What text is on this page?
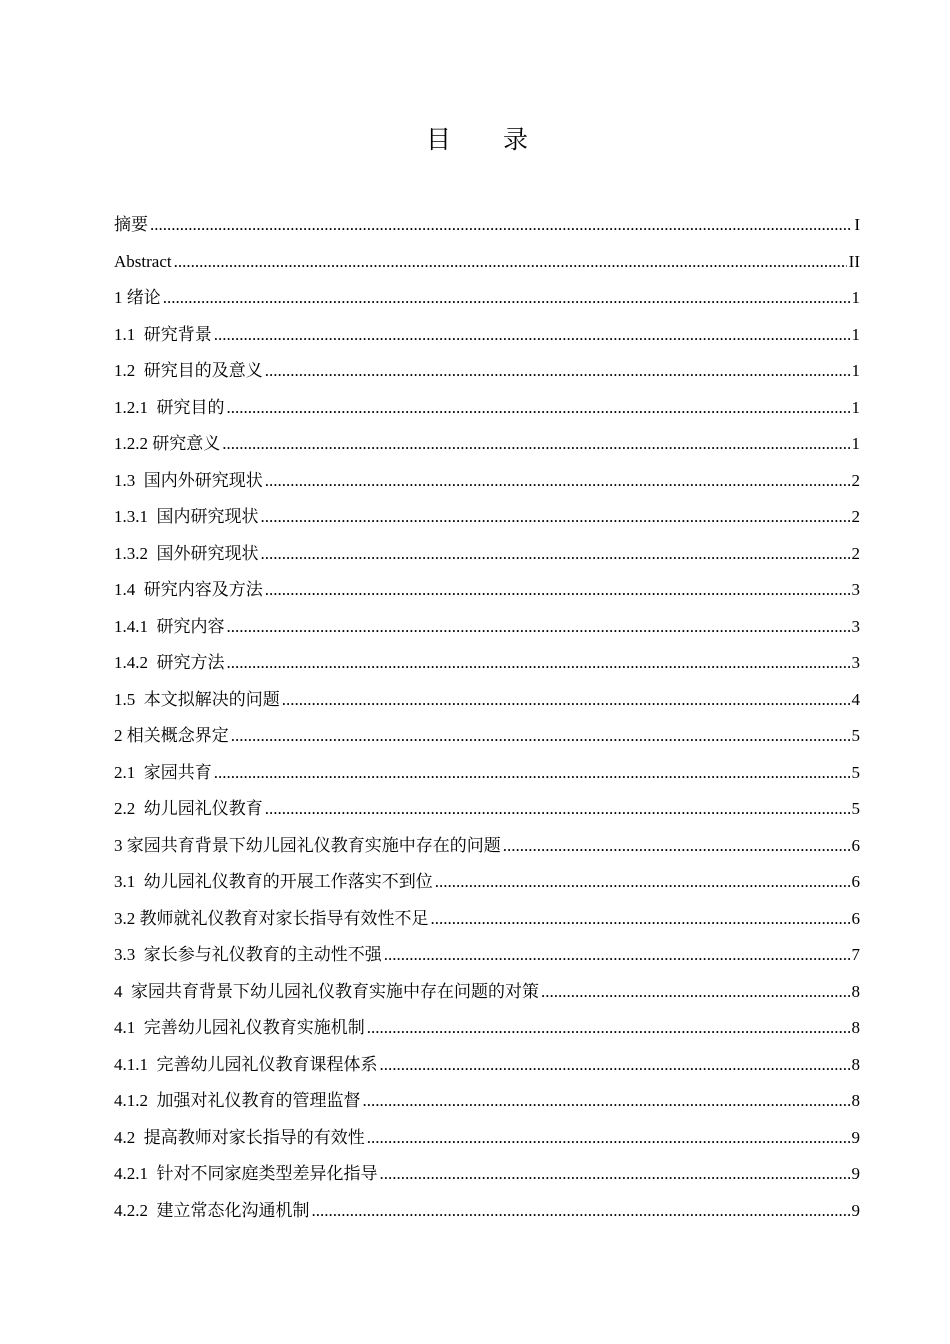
目 录
摘要 .....	I
Abstract .....	II
1 绪论 .....	1
1.1  研究背景 .....	1
1.2  研究目的及意义 .....	1
1.2.1  研究目的 .....	1
1.2.2 研究意义 .....	1
1.3  国内外研究现状 .....	2
1.3.1  国内研究现状 .....	2
1.3.2  国外研究现状 .....	2
1.4  研究内容及方法 .....	3
1.4.1  研究内容 .....	3
1.4.2  研究方法 .....	3
1.5  本文拟解决的问题 .....	4
2 相关概念界定 .....	5
2.1  家园共育 .....	5
2.2  幼儿园礼仪教育 .....	5
3 家园共育背景下幼儿园礼仪教育实施中存在的问题 .....	6
3.1  幼儿园礼仪教育的开展工作落实不到位 .....	6
3.2 教师就礼仪教育对家长指导有效性不足 .....	6
3.3  家长参与礼仪教育的主动性不强 .....	7
4  家园共育背景下幼儿园礼仪教育实施中存在问题的对策 .....	8
4.1  完善幼儿园礼仪教育实施机制 .....	8
4.1.1  完善幼儿园礼仪教育课程体系 .....	8
4.1.2  加强对礼仪教育的管理监督 .....	8
4.2  提高教师对家长指导的有效性 .....	9
4.2.1  针对不同家庭类型差异化指导 .....	9
4.2.2  建立常态化沟通机制 .....	9
